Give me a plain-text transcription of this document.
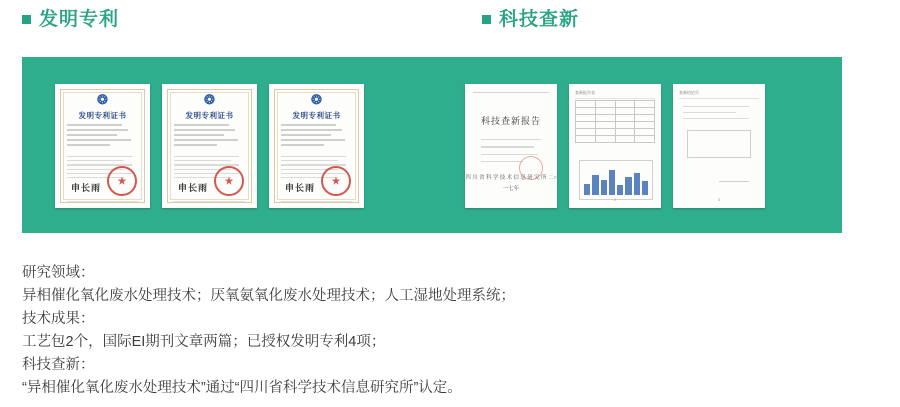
发明专利	科技查新
❂
发明专利证书
申长雨
❂
发明专利证书
申长雨
❂
发明专利证书
申长雨
科技查新报告
四 川 省 科 学 技 术 信 息 研 究 所 二○一七年
查新报告表

2
查新结论页
3

研究领域：

异相催化氧化废水处理技术；厌氧氨氧化废水处理技术；人工湿地处理系统；

技术成果：

工艺包2个，国际EI期刊文章两篇；已授权发明专利4项；

科技查新：

“异相催化氧化废水处理技术”通过“四川省科学技术信息研究所”认定。
